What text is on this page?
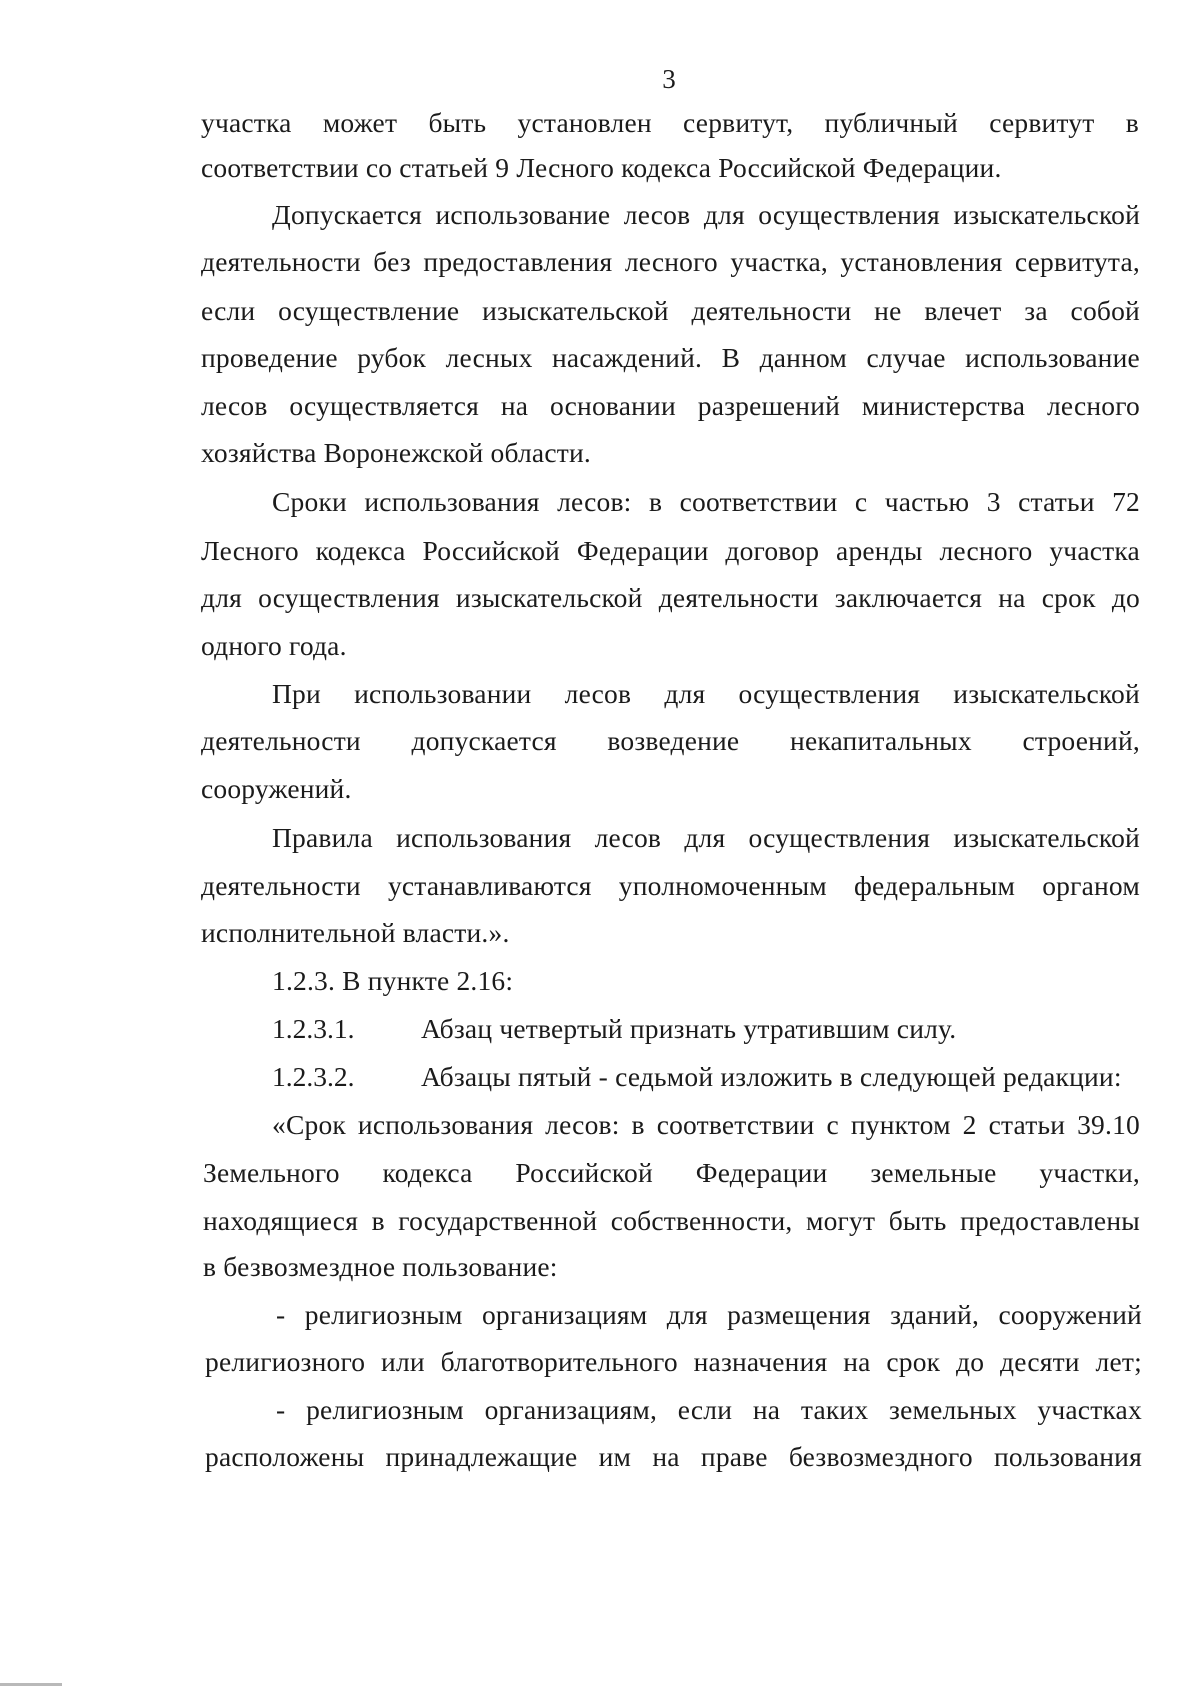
3
участка может быть установлен сервитут, публичный сервитут в
соответствии со статьей 9 Лесного кодекса Российской Федерации.
Допускается использование лесов для осуществления изыскательской
деятельности без предоставления лесного участка, установления сервитута,
если осуществление изыскательской деятельности не влечет за собой
проведение рубок лесных насаждений. В данном случае использование
лесов осуществляется на основании разрешений министерства лесного
хозяйства Воронежской области.
Сроки использования лесов: в соответствии с частью 3 статьи 72
Лесного кодекса Российской Федерации договор аренды лесного участка
для осуществления изыскательской деятельности заключается на срок до
одного года.
При использовании лесов для осуществления изыскательской
деятельности допускается возведение некапитальных строений,
сооружений.
Правила использования лесов для осуществления изыскательской
деятельности устанавливаются уполномоченным федеральным органом
исполнительной власти.».
1.2.3. В пункте 2.16:
1.2.3.1. Абзац четвертый признать утратившим силу.
1.2.3.2. Абзацы пятый - седьмой изложить в следующей редакции:
«Срок использования лесов: в соответствии с пунктом 2 статьи 39.10
Земельного кодекса Российской Федерации земельные участки,
находящиеся в государственной собственности, могут быть предоставлены
в безвозмездное пользование:
- религиозным организациям для размещения зданий, сооружений
религиозного или благотворительного назначения на срок до десяти лет;
- религиозным организациям, если на таких земельных участках
расположены принадлежащие им на праве безвозмездного пользования
